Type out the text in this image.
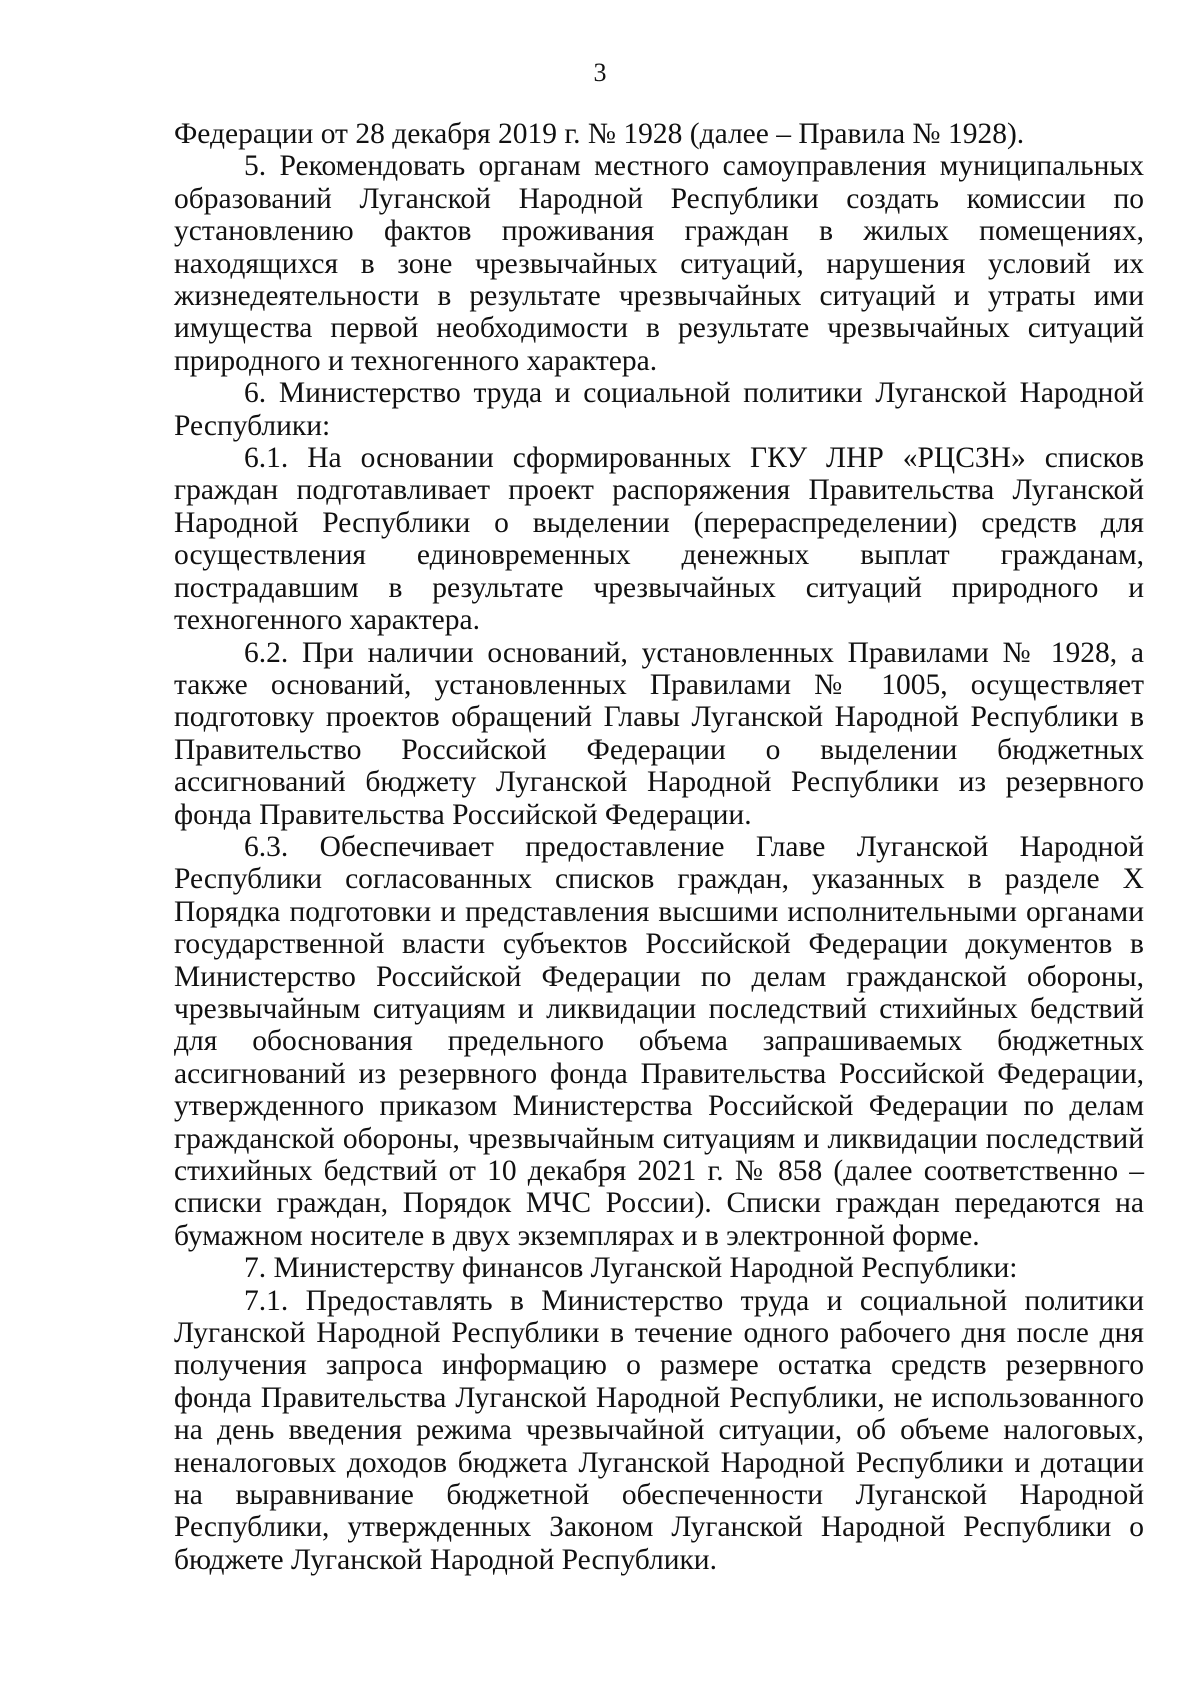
3

Федерации от 28 декабря 2019 г. № 1928 (далее – Правила № 1928).

5. Рекомендовать органам местного самоуправления муниципальных образований Луганской Народной Республики создать комиссии по установлению фактов проживания граждан в жилых помещениях, находящихся в зоне чрезвычайных ситуаций, нарушения условий их жизнедеятельности в результате чрезвычайных ситуаций и утраты ими имущества первой необходимости в результате чрезвычайных ситуаций природного и техногенного характера.

6. Министерство труда и социальной политики Луганской Народной Республики:

6.1. На основании сформированных ГКУ ЛНР «РЦСЗН» списков граждан подготавливает проект распоряжения Правительства Луганской Народной Республики о выделении (перераспределении) средств для осуществления единовременных денежных выплат гражданам, пострадавшим в результате чрезвычайных ситуаций природного и техногенного характера.

6.2. При наличии оснований, установленных Правилами № 1928, а также оснований, установленных Правилами № 1005, осуществляет подготовку проектов обращений Главы Луганской Народной Республики в Правительство Российской Федерации о выделении бюджетных ассигнований бюджету Луганской Народной Республики из резервного фонда Правительства Российской Федерации.

6.3. Обеспечивает предоставление Главе Луганской Народной Республики согласованных списков граждан, указанных в разделе X Порядка подготовки и представления высшими исполнительными органами государственной власти субъектов Российской Федерации документов в Министерство Российской Федерации по делам гражданской обороны, чрезвычайным ситуациям и ликвидации последствий стихийных бедствий для обоснования предельного объема запрашиваемых бюджетных ассигнований из резервного фонда Правительства Российской Федерации, утвержденного приказом Министерства Российской Федерации по делам гражданской обороны, чрезвычайным ситуациям и ликвидации последствий стихийных бедствий от 10 декабря 2021 г. № 858 (далее соответственно – списки граждан, Порядок МЧС России). Списки граждан передаются на бумажном носителе в двух экземплярах и в электронной форме.

7. Министерству финансов Луганской Народной Республики:

7.1. Предоставлять в Министерство труда и социальной политики Луганской Народной Республики в течение одного рабочего дня после дня получения запроса информацию о размере остатка средств резервного фонда Правительства Луганской Народной Республики, не использованного на день введения режима чрезвычайной ситуации, об объеме налоговых, неналоговых доходов бюджета Луганской Народной Республики и дотации на выравнивание бюджетной обеспеченности Луганской Народной Республики, утвержденных Законом Луганской Народной Республики о бюджете Луганской Народной Республики.
